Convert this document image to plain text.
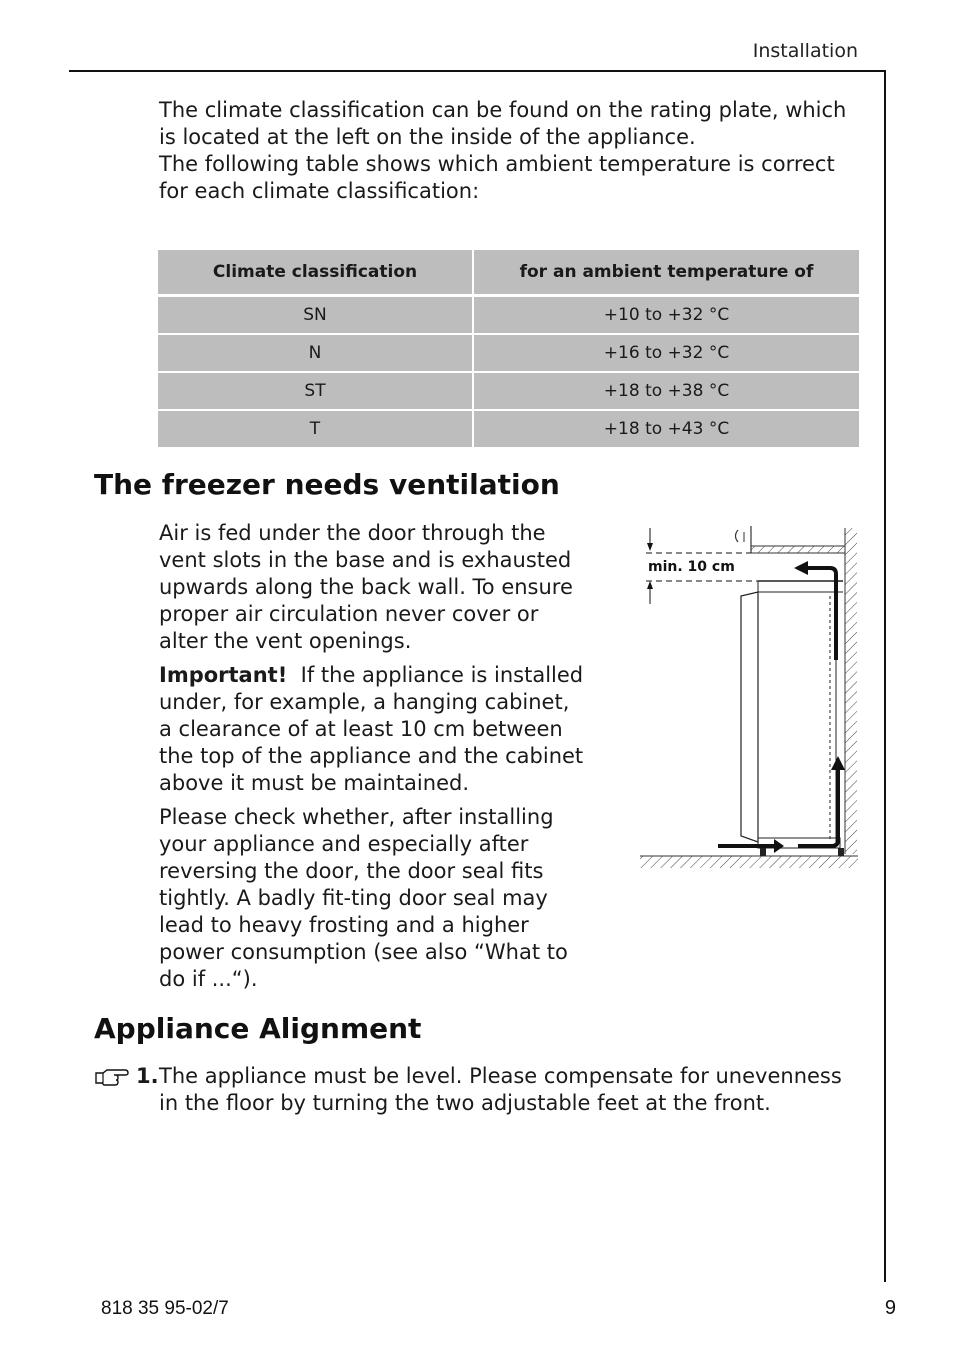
Installation

The climate classification can be found on the rating plate, which is located at the left on the inside of the appliance.

The following table shows which ambient temperature is correct for each climate classification:

Climate classification	for an ambient temperature of
SN	+10 to +32 °C
N	+16 to +32 °C
ST	+18 to +38 °C
T	+18 to +43 °C
The freezer needs ventilation

Air is fed under the door through the vent slots in the base and is exhausted upwards along the back wall. To ensure proper air circulation never cover or alter the vent openings.

Important! If the appliance is installed under, for example, a hanging cabinet, a clearance of at least 10 cm between the top of the appliance and the cabinet above it must be maintained.

Please check whether, after installing your appliance and especially after reversing the door, the door seal fits tightly. A badly fit-ting door seal may lead to heavy frosting and a higher power consumption (see also “What to do if ...“).

min. 10 cm
Appliance Alignment
1. The appliance must be level. Please compensate for unevenness in the floor by turning the two adjustable feet at the front.
818 35 95-02/7	9
